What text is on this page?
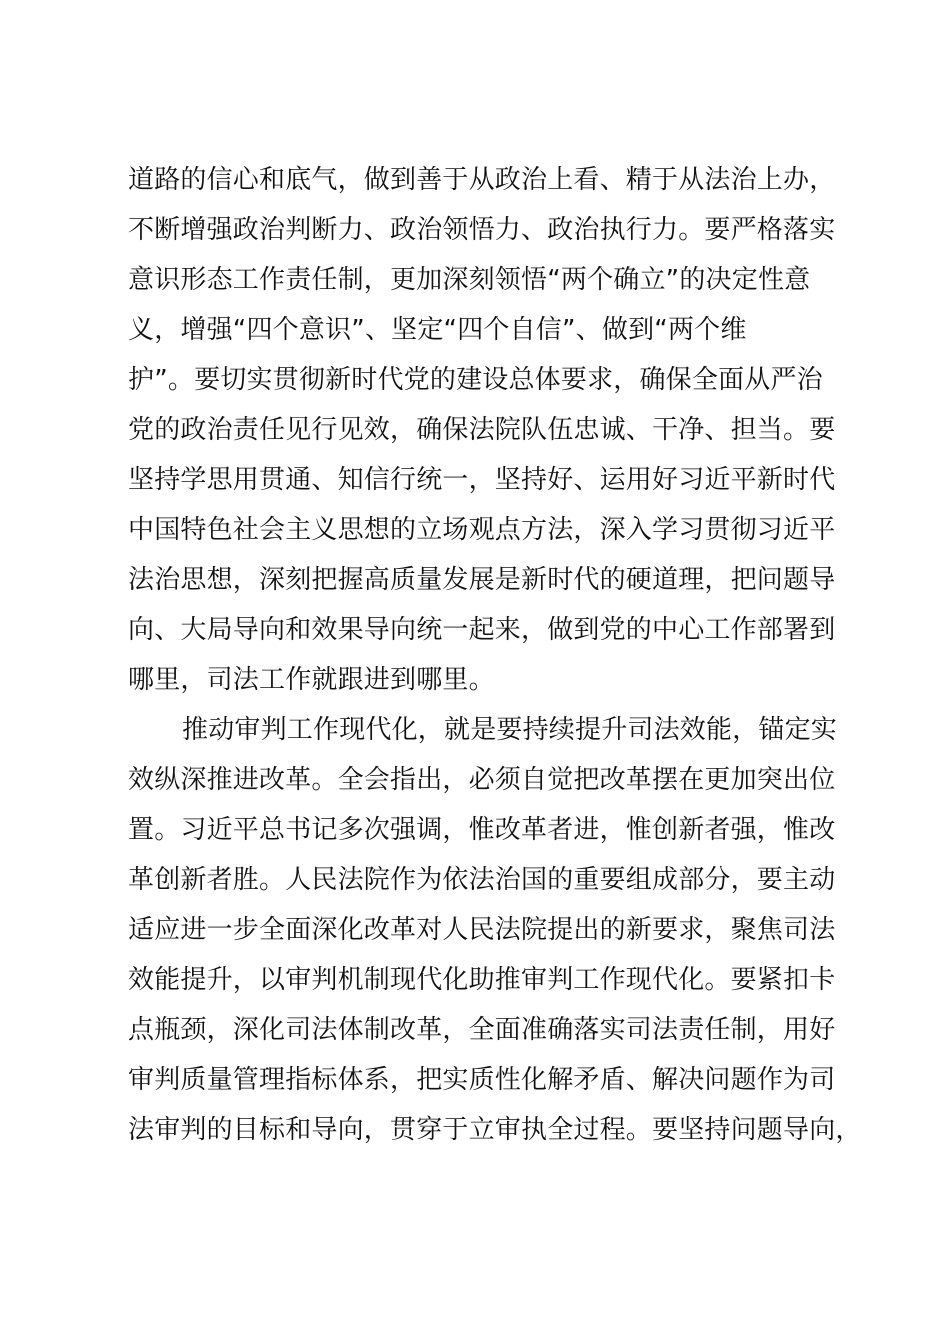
道路的信心和底气，做到善于从政治上看、精于从法治上办，
不断增强政治判断力、政治领悟力、政治执行力。要严格落实
意识形态工作责任制，更加深刻领悟“两个确立”的决定性意
义，增强“四个意识”、坚定“四个自信”、做到“两个维
护”。要切实贯彻新时代党的建设总体要求，确保全面从严治
党的政治责任见行见效，确保法院队伍忠诚、干净、担当。要
坚持学思用贯通、知信行统一，坚持好、运用好习近平新时代
中国特色社会主义思想的立场观点方法，深入学习贯彻习近平
法治思想，深刻把握高质量发展是新时代的硬道理，把问题导
向、大局导向和效果导向统一起来，做到党的中心工作部署到
哪里，司法工作就跟进到哪里。
推动审判工作现代化，就是要持续提升司法效能，锚定实
效纵深推进改革。全会指出，必须自觉把改革摆在更加突出位
置。习近平总书记多次强调，惟改革者进，惟创新者强，惟改
革创新者胜。人民法院作为依法治国的重要组成部分，要主动
适应进一步全面深化改革对人民法院提出的新要求，聚焦司法
效能提升，以审判机制现代化助推审判工作现代化。要紧扣卡
点瓶颈，深化司法体制改革，全面准确落实司法责任制，用好
审判质量管理指标体系，把实质性化解矛盾、解决问题作为司
法审判的目标和导向，贯穿于立审执全过程。要坚持问题导向，
